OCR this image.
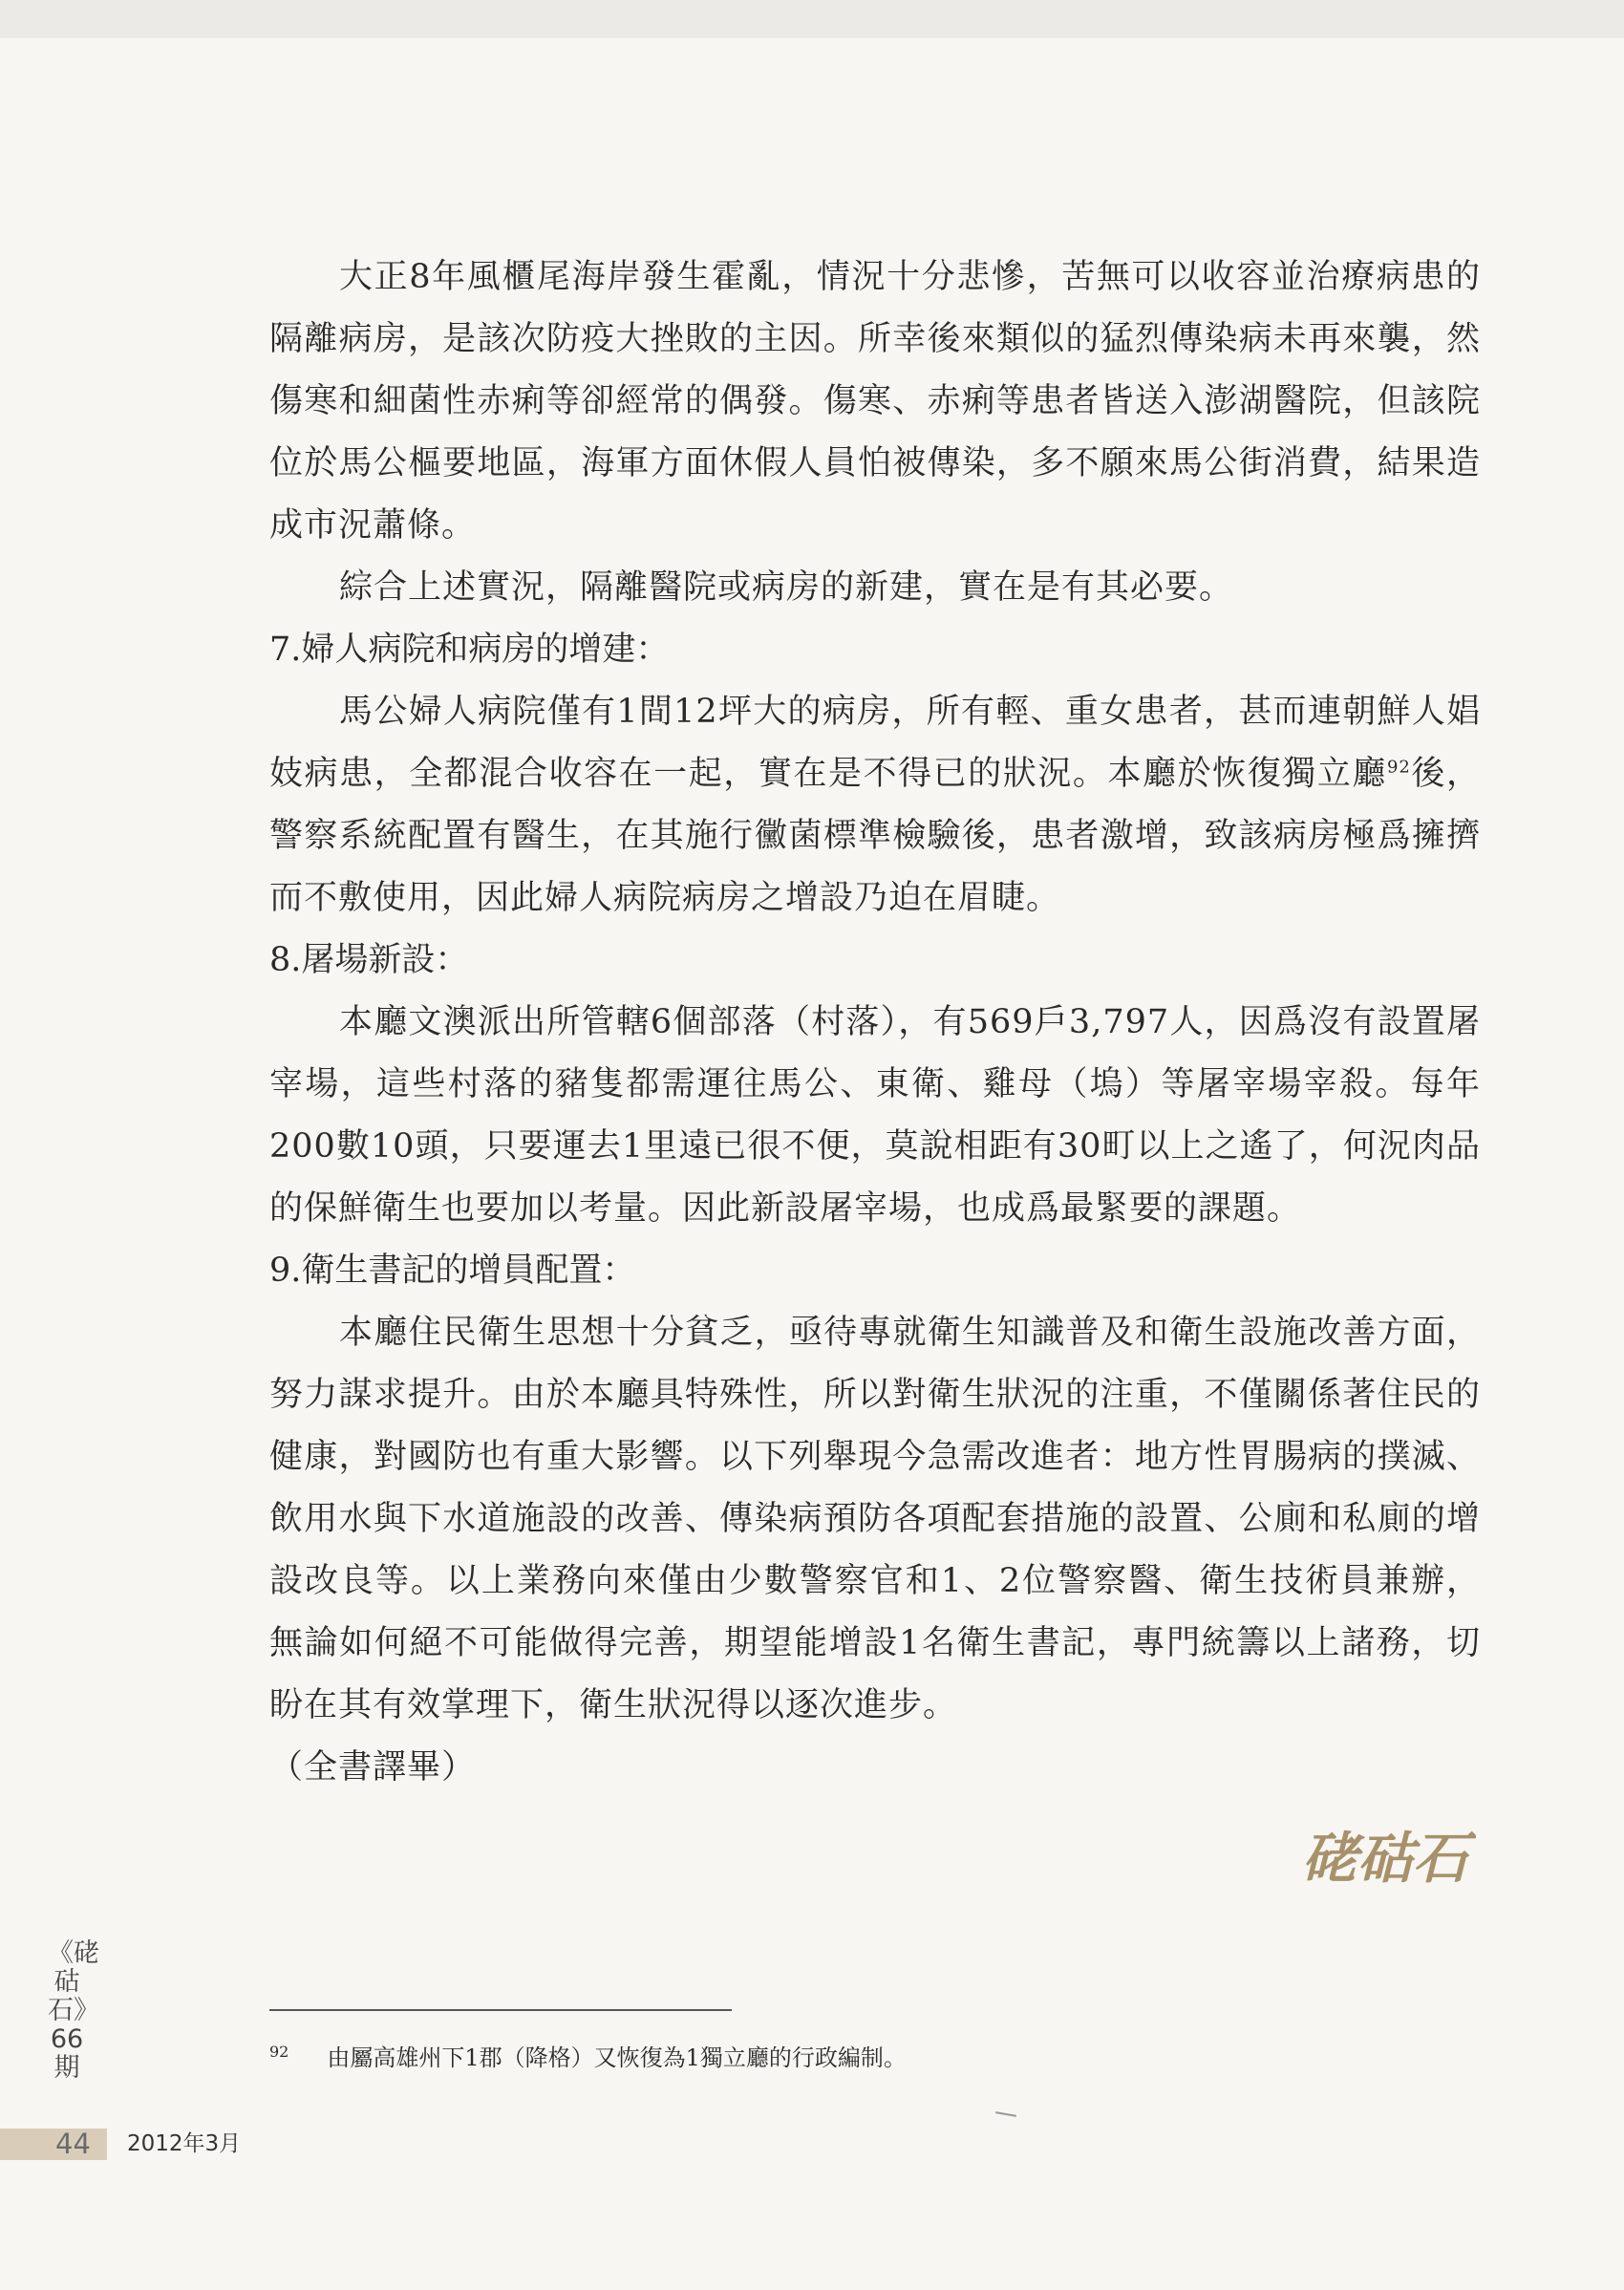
大正8年風櫃尾海岸發生霍亂，情況十分悲慘，苦無可以收容並治療病患的隔離病房，是該次防疫大挫敗的主因。所幸後來類似的猛烈傳染病未再來襲，然傷寒和細菌性赤痢等卻經常的偶發。傷寒、赤痢等患者皆送入澎湖醫院，但該院位於馬公樞要地區，海軍方面休假人員怕被傳染，多不願來馬公街消費，結果造成市況蕭條。

綜合上述實況，隔離醫院或病房的新建，實在是有其必要。

7.婦人病院和病房的增建：

馬公婦人病院僅有1間12坪大的病房，所有輕、重女患者，甚而連朝鮮人娼妓病患，全都混合收容在一起，實在是不得已的狀況。本廳於恢復獨立廳$^{92}$後，警察系統配置有醫生，在其施行黴菌標準檢驗後，患者激增，致該病房極爲擁擠而不敷使用，因此婦人病院病房之增設乃迫在眉睫。

8.屠場新設：

本廳文澳派出所管轄6個部落（村落），有569戶3,797人，因爲沒有設置屠宰場，這些村落的豬隻都需運往馬公、東衛、雞母（塢）等屠宰場宰殺。每年200數10頭，只要運去1里遠已很不便，莫說相距有30町以上之遙了，何況肉品的保鮮衛生也要加以考量。因此新設屠宰場，也成爲最緊要的課題。

9.衛生書記的增員配置：

本廳住民衛生思想十分貧乏，亟待專就衛生知識普及和衛生設施改善方面，努力謀求提升。由於本廳具特殊性，所以對衛生狀況的注重，不僅關係著住民的健康，對國防也有重大影響。以下列舉現今急需改進者：地方性胃腸病的撲滅、飲用水與下水道施設的改善、傳染病預防各項配套措施的設置、公廁和私廁的增設改良等。以上業務向來僅由少數警察官和1、2位警察醫、衛生技術員兼辦，無論如何絕不可能做得完善，期望能增設1名衛生書記，專門統籌以上諸務，切盼在其有效掌理下，衛生狀況得以逐次進步。

（全書譯畢）

硓𥑮石
$^{92}$ 由屬高雄州下1郡（降格）又恢復為1獨立廳的行政編制。
《硓𥑮石》66期
44 2012年3月
